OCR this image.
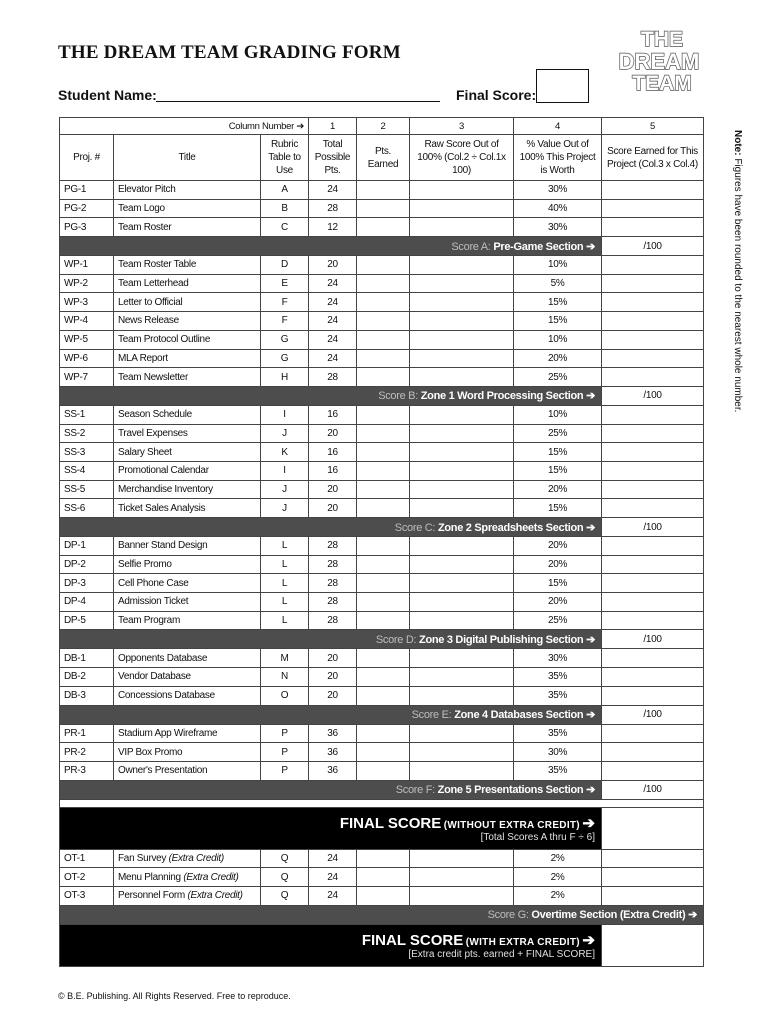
THE DREAM TEAM GRADING FORM
Student Name:	Final Score:
THE
DREAM
TEAM
Note: Figures have been rounded to the nearest whole number.
Column Number ➔			1	2	3	4	5
Proj. #	Title	Rubric Table to Use	Total Possible Pts.	Pts. Earned	Raw Score Out of 100% (Col.2 ÷ Col.1x 100)	% Value Out of 100% This Project is Worth	Score Earned for This Project (Col.3 x Col.4)
PG-1	Elevator Pitch	A	24			30%	
PG-2	Team Logo	B	28			40%	
PG-3	Team Roster	C	12			30%	
Score A: Pre-Game Section ➔							/100
WP-1	Team Roster Table	D	20			10%	
WP-2	Team Letterhead	E	24			5%	
WP-3	Letter to Official	F	24			15%	
WP-4	News Release	F	24			15%	
WP-5	Team Protocol Outline	G	24			10%	
WP-6	MLA Report	G	24			20%	
WP-7	Team Newsletter	H	28			25%	
Score B: Zone 1 Word Processing Section ➔							/100
SS-1	Season Schedule	I	16			10%	
SS-2	Travel Expenses	J	20			25%	
SS-3	Salary Sheet	K	16			15%	
SS-4	Promotional Calendar	I	16			15%	
SS-5	Merchandise Inventory	J	20			20%	
SS-6	Ticket Sales Analysis	J	20			15%	
Score C: Zone 2 Spreadsheets Section ➔							/100
DP-1	Banner Stand Design	L	28			20%	
DP-2	Selfie Promo	L	28			20%	
DP-3	Cell Phone Case	L	28			15%	
DP-4	Admission Ticket	L	28			20%	
DP-5	Team Program	L	28			25%	
Score D: Zone 3 Digital Publishing Section ➔							/100
DB-1	Opponents Database	M	20			30%	
DB-2	Vendor Database	N	20			35%	
DB-3	Concessions Database	O	20			35%	
Score E: Zone 4 Databases Section ➔							/100
PR-1	Stadium App Wireframe	P	36			35%	
PR-2	VIP Box Promo	P	36			30%	
PR-3	Owner's Presentation	P	36			35%	
Score F: Zone 5 Presentations Section ➔							/100

FINAL SCORE (WITHOUT EXTRA CREDIT) ➔
[Total Scores A thru F ÷ 6]							

OT-1	Fan Survey (Extra Credit)	Q	24			2%	
OT-2	Menu Planning (Extra Credit)	Q	24			2%	
OT-3	Personnel Form (Extra Credit)	Q	24			2%	
Score G: Overtime Section (Extra Credit) ➔							

FINAL SCORE (WITH EXTRA CREDIT) ➔
[Extra credit pts. earned + FINAL SCORE]							

© B.E. Publishing. All Rights Reserved. Free to reproduce.
